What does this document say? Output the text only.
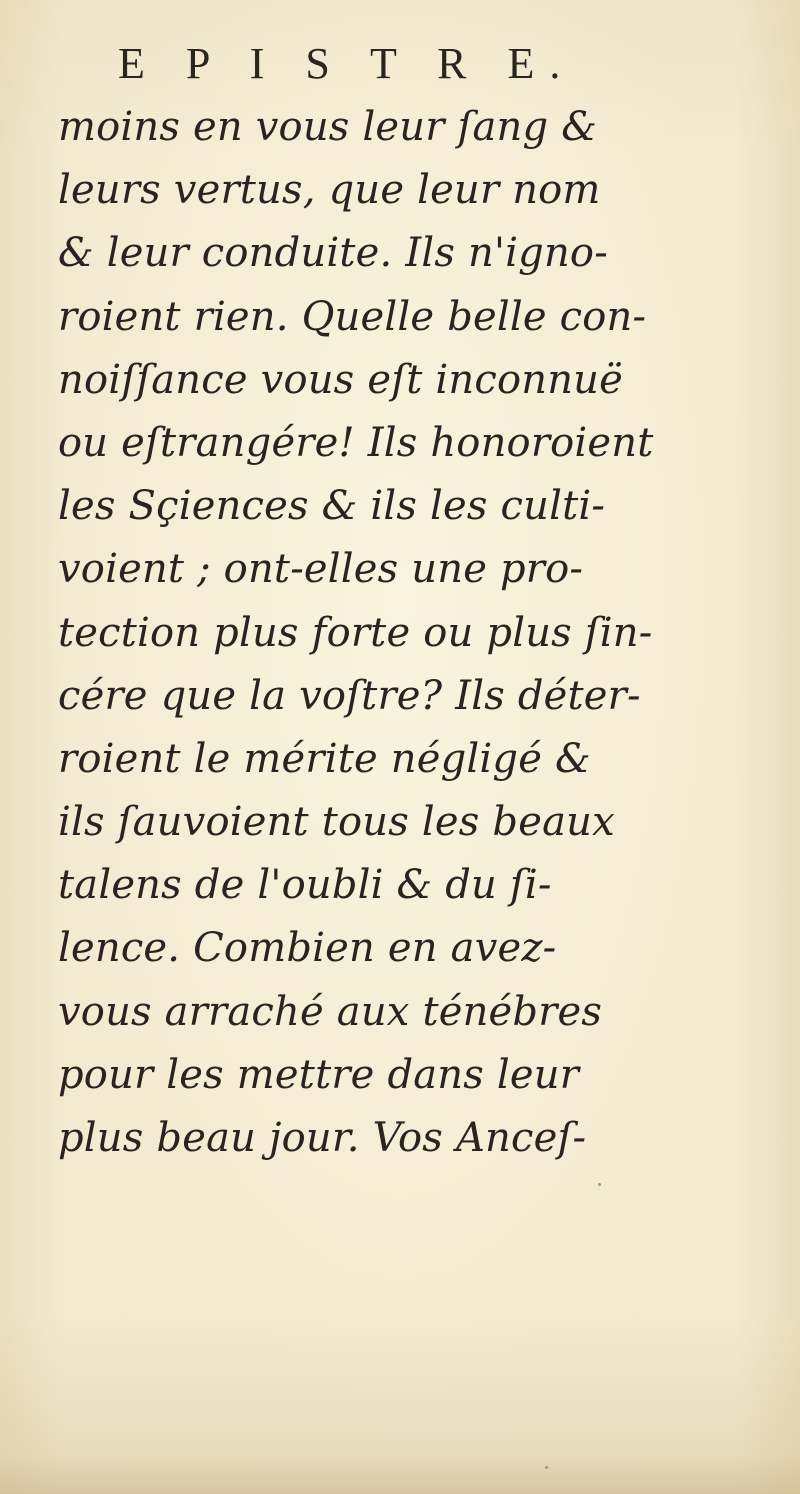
E P I S T R E.
moins en vous leur ſang &
leurs vertus, que leur nom
& leur conduite. Ils n'igno-
roient rien. Quelle belle con-
noiſſance vous eſt inconnuë
ou eſtrangére! Ils honoroient
les Sçiences & ils les culti-
voient ; ont-elles une pro-
tection plus forte ou plus ſin-
cére que la voſtre? Ils déter-
roient le mérite négligé &
ils ſauvoient tous les beaux
talens de l'oubli & du ſi-
lence. Combien en avez-
vous arraché aux ténébres
pour les mettre dans leur
plus beau jour. Vos Anceſ-
